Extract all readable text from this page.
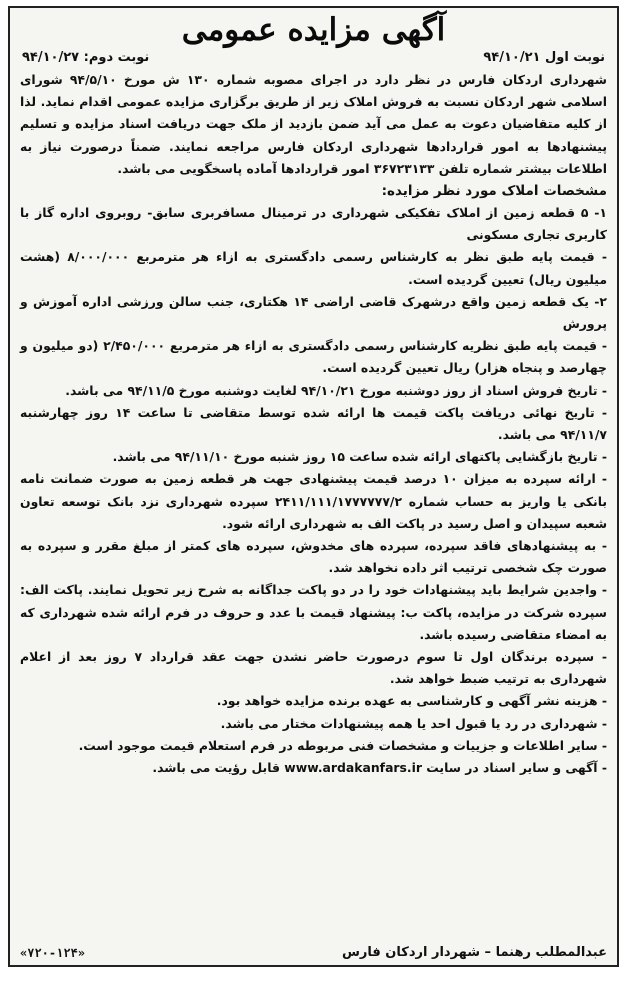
آگهی مزایده عمومی
نوبت اول ۹۴/۱۰/۲۱
نوبت دوم: ۹۴/۱۰/۲۷

شهرداری اردکان فارس در نظر دارد در اجرای مصوبه شماره ۱۳۰ ش مورخ ۹۴/۵/۱۰ شورای اسلامی شهر اردکان نسبت به فروش املاک زیر از طریق برگزاری مزایده عمومی اقدام نماید. لذا از کلیه متقاضیان دعوت به عمل می آید ضمن بازدید از ملک جهت دریافت اسناد مزایده و تسلیم پیشنهادها به امور قراردادها شهرداری اردکان فارس مراجعه نمایند. ضمناً درصورت نیاز به اطلاعات بیشتر شماره تلفن ۳۶۷۲۳۱۳۳ امور قراردادها آماده پاسخگویی می باشد.

مشخصات املاک مورد نظر مزایده:

۱- ۵ قطعه زمین از املاک تفکیکی شهرداری در ترمینال مسافربری سابق- روبروی اداره گاز با کاربری تجاری مسکونی

- قیمت پایه طبق نظر به کارشناس رسمی دادگستری به ازاء هر مترمربع ۸/۰۰۰/۰۰۰ (هشت میلیون ریال) تعیین گردیده است.

۲- یک قطعه زمین واقع درشهرک قاضی اراضی ۱۴ هکتاری، جنب سالن ورزشی اداره آموزش و پرورش

- قیمت پایه طبق نظریه کارشناس رسمی دادگستری به ازاء هر مترمربع ۲/۴۵۰/۰۰۰ (دو میلیون و چهارصد و پنجاه هزار) ریال تعیین گردیده است.

- تاریخ فروش اسناد از روز دوشنبه مورخ ۹۴/۱۰/۲۱ لغایت دوشنبه مورخ ۹۴/۱۱/۵ می باشد.

- تاریخ نهائی دریافت پاکت قیمت ها ارائه شده توسط متقاضی تا ساعت ۱۴ روز چهارشنبه ۹۴/۱۱/۷ می باشد.

- تاریخ بازگشایی پاکتهای ارائه شده ساعت ۱۵ روز شنبه مورخ ۹۴/۱۱/۱۰ می باشد.

- ارائه سپرده به میزان ۱۰ درصد قیمت پیشنهادی جهت هر قطعه زمین به صورت ضمانت نامه بانکی یا واریز به حساب شماره ۲۴۱۱/۱۱۱/۱۷۷۷۷۷۷/۲ سپرده شهرداری نزد بانک توسعه تعاون شعبه سپیدان و اصل رسید در پاکت الف به شهرداری ارائه شود.

- به پیشنهادهای فاقد سپرده، سپرده های مخدوش، سپرده های کمتر از مبلغ مقرر و سپرده به صورت چک شخصی ترتیب اثر داده نخواهد شد.

- واجدین شرایط باید پیشنهادات خود را در دو پاکت جداگانه به شرح زیر تحویل نمایند. پاکت الف: سپرده شرکت در مزایده، پاکت ب: پیشنهاد قیمت با عدد و حروف در فرم ارائه شده شهرداری که به امضاء متقاضی رسیده باشد.

- سپرده برندگان اول تا سوم درصورت حاضر نشدن جهت عقد قرارداد ۷ روز بعد از اعلام شهرداری به ترتیب ضبط خواهد شد.

- هزینه نشر آگهی و کارشناسی به عهده برنده مزایده خواهد بود.

- شهرداری در رد یا قبول احد یا همه پیشنهادات مختار می باشد.

- سایر اطلاعات و جزییات و مشخصات فنی مربوطه در فرم استعلام قیمت موجود است.

- آگهی و سایر اسناد در سایت www.ardakanfars.ir قابل رؤیت می باشد.

عبدالمطلب رهنما – شهردار اردکان فارس
«۷۲۰-۱۲۴»
